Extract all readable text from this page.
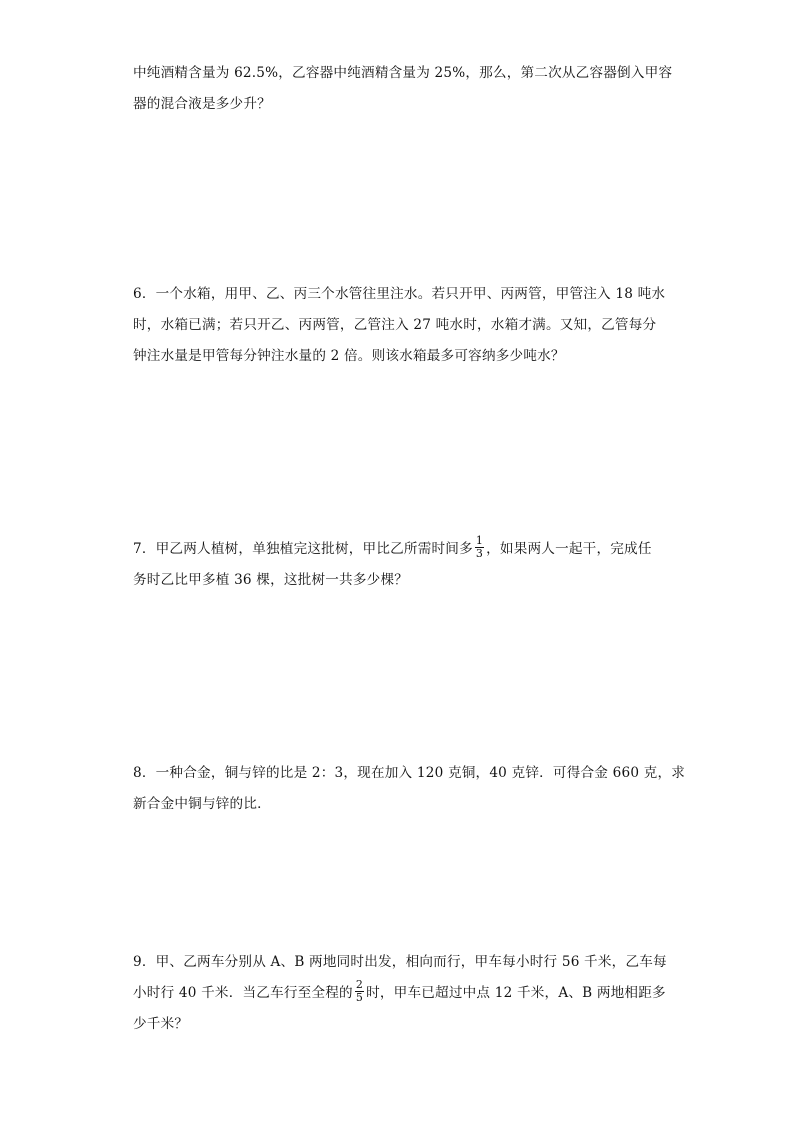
中纯酒精含量为 62.5%，乙容器中纯酒精含量为 25%，那么，第二次从乙容器倒入甲容
器的混合液是多少升？
6．一个水箱，用甲、乙、丙三个水管往里注水。若只开甲、丙两管，甲管注入 18 吨水
时，水箱已满；若只开乙、丙两管，乙管注入 27 吨水时，水箱才满。又知，乙管每分
钟注水量是甲管每分钟注水量的 2 倍。则该水箱最多可容纳多少吨水？
7．甲乙两人植树，单独植完这批树，甲比乙所需时间多 $\frac{1}{3}$ ，如果两人一起干，完成任
务时乙比甲多植 36 棵，这批树一共多少棵？
8．一种合金，铜与锌的比是 2：3，现在加入 120 克铜，40 克锌．可得合金 660 克，求
新合金中铜与锌的比．
9．甲、乙两车分别从 A、B 两地同时出发，相向而行，甲车每小时行 56 千米，乙车每
小时行 40 千米．当乙车行至全程的 $\frac{2}{5}$ 时，甲车已超过中点 12 千米，A、B 两地相距多
少千米？
